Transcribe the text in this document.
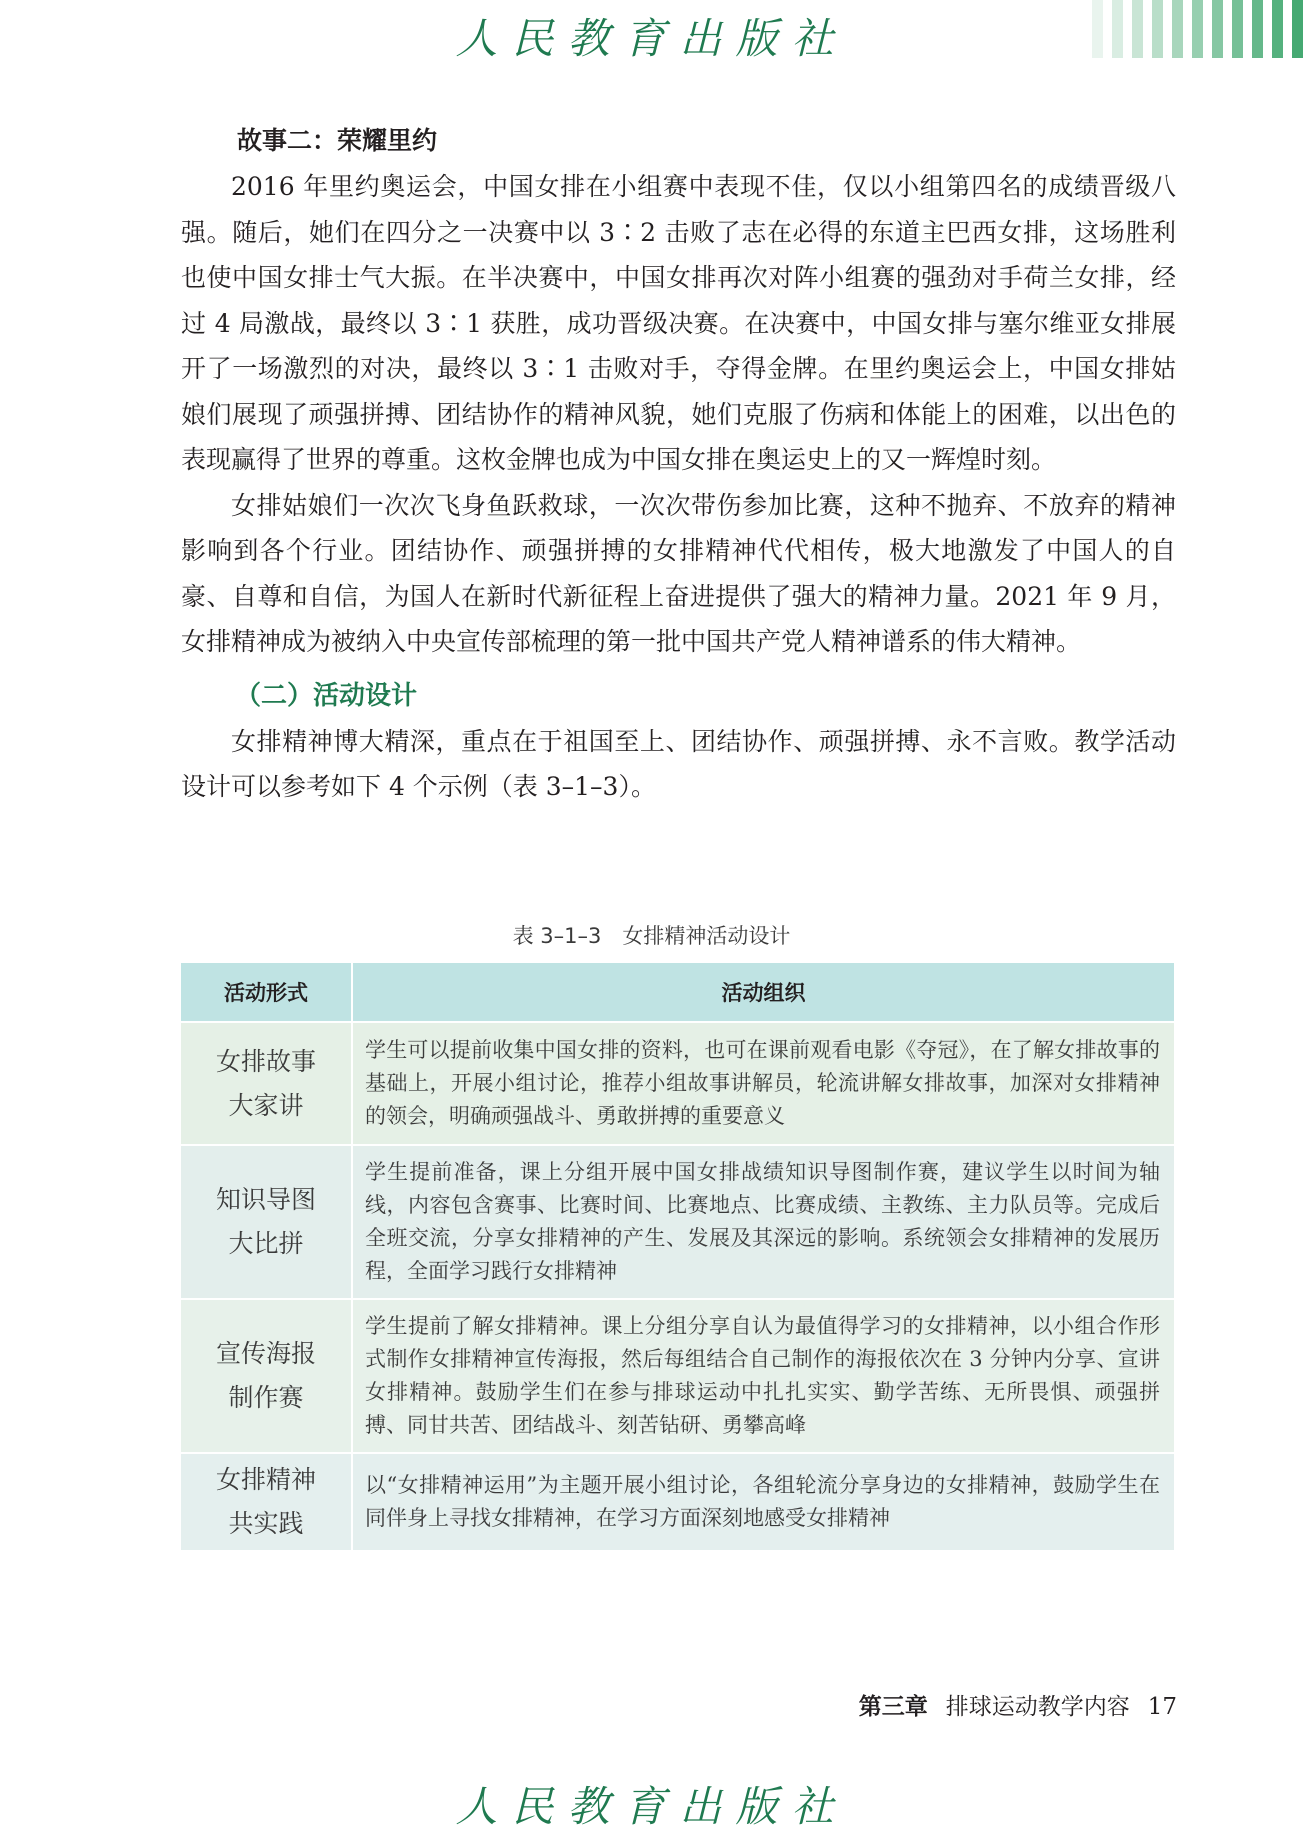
人民教育出版社

故事二：荣耀里约

2016 年里约奥运会，中国女排在小组赛中表现不佳，仅以小组第四名的成绩晋级八强。随后，她们在四分之一决赛中以 3∶2 击败了志在必得的东道主巴西女排，这场胜利也使中国女排士气大振。在半决赛中，中国女排再次对阵小组赛的强劲对手荷兰女排，经过 4 局激战，最终以 3∶1 获胜，成功晋级决赛。在决赛中，中国女排与塞尔维亚女排展开了一场激烈的对决，最终以 3∶1 击败对手，夺得金牌。在里约奥运会上，中国女排姑娘们展现了顽强拼搏、团结协作的精神风貌，她们克服了伤病和体能上的困难，以出色的表现赢得了世界的尊重。这枚金牌也成为中国女排在奥运史上的又一辉煌时刻。

女排姑娘们一次次飞身鱼跃救球，一次次带伤参加比赛，这种不抛弃、不放弃的精神影响到各个行业。团结协作、顽强拼搏的女排精神代代相传，极大地激发了中国人的自豪、自尊和自信，为国人在新时代新征程上奋进提供了强大的精神力量。2021 年 9 月，女排精神成为被纳入中央宣传部梳理的第一批中国共产党人精神谱系的伟大精神。

（二）活动设计

女排精神博大精深，重点在于祖国至上、团结协作、顽强拼搏、永不言败。教学活动设计可以参考如下 4 个示例（表 3–1–3）。

表 3–1–3　女排精神活动设计
活动形式	活动组织

女排故事
大家讲	学生可以提前收集中国女排的资料，也可在课前观看电影《夺冠》，在了解女排故事的基础上，开展小组讨论，推荐小组故事讲解员，轮流讲解女排故事，加深对女排精神的领会，明确顽强战斗、勇敢拼搏的重要意义

知识导图
大比拼	学生提前准备，课上分组开展中国女排战绩知识导图制作赛，建议学生以时间为轴线，内容包含赛事、比赛时间、比赛地点、比赛成绩、主教练、主力队员等。完成后全班交流，分享女排精神的产生、发展及其深远的影响。系统领会女排精神的发展历程，全面学习践行女排精神

宣传海报
制作赛	学生提前了解女排精神。课上分组分享自认为最值得学习的女排精神，以小组合作形式制作女排精神宣传海报，然后每组结合自己制作的海报依次在 3 分钟内分享、宣讲女排精神。鼓励学生们在参与排球运动中扎扎实实、勤学苦练、无所畏惧、顽强拼搏、同甘共苦、团结战斗、刻苦钻研、勇攀高峰

女排精神
共实践	以“女排精神运用”为主题开展小组讨论，各组轮流分享身边的女排精神，鼓励学生在同伴身上寻找女排精神，在学习方面深刻地感受女排精神
第三章 排球运动教学内容 17
人民教育出版社
